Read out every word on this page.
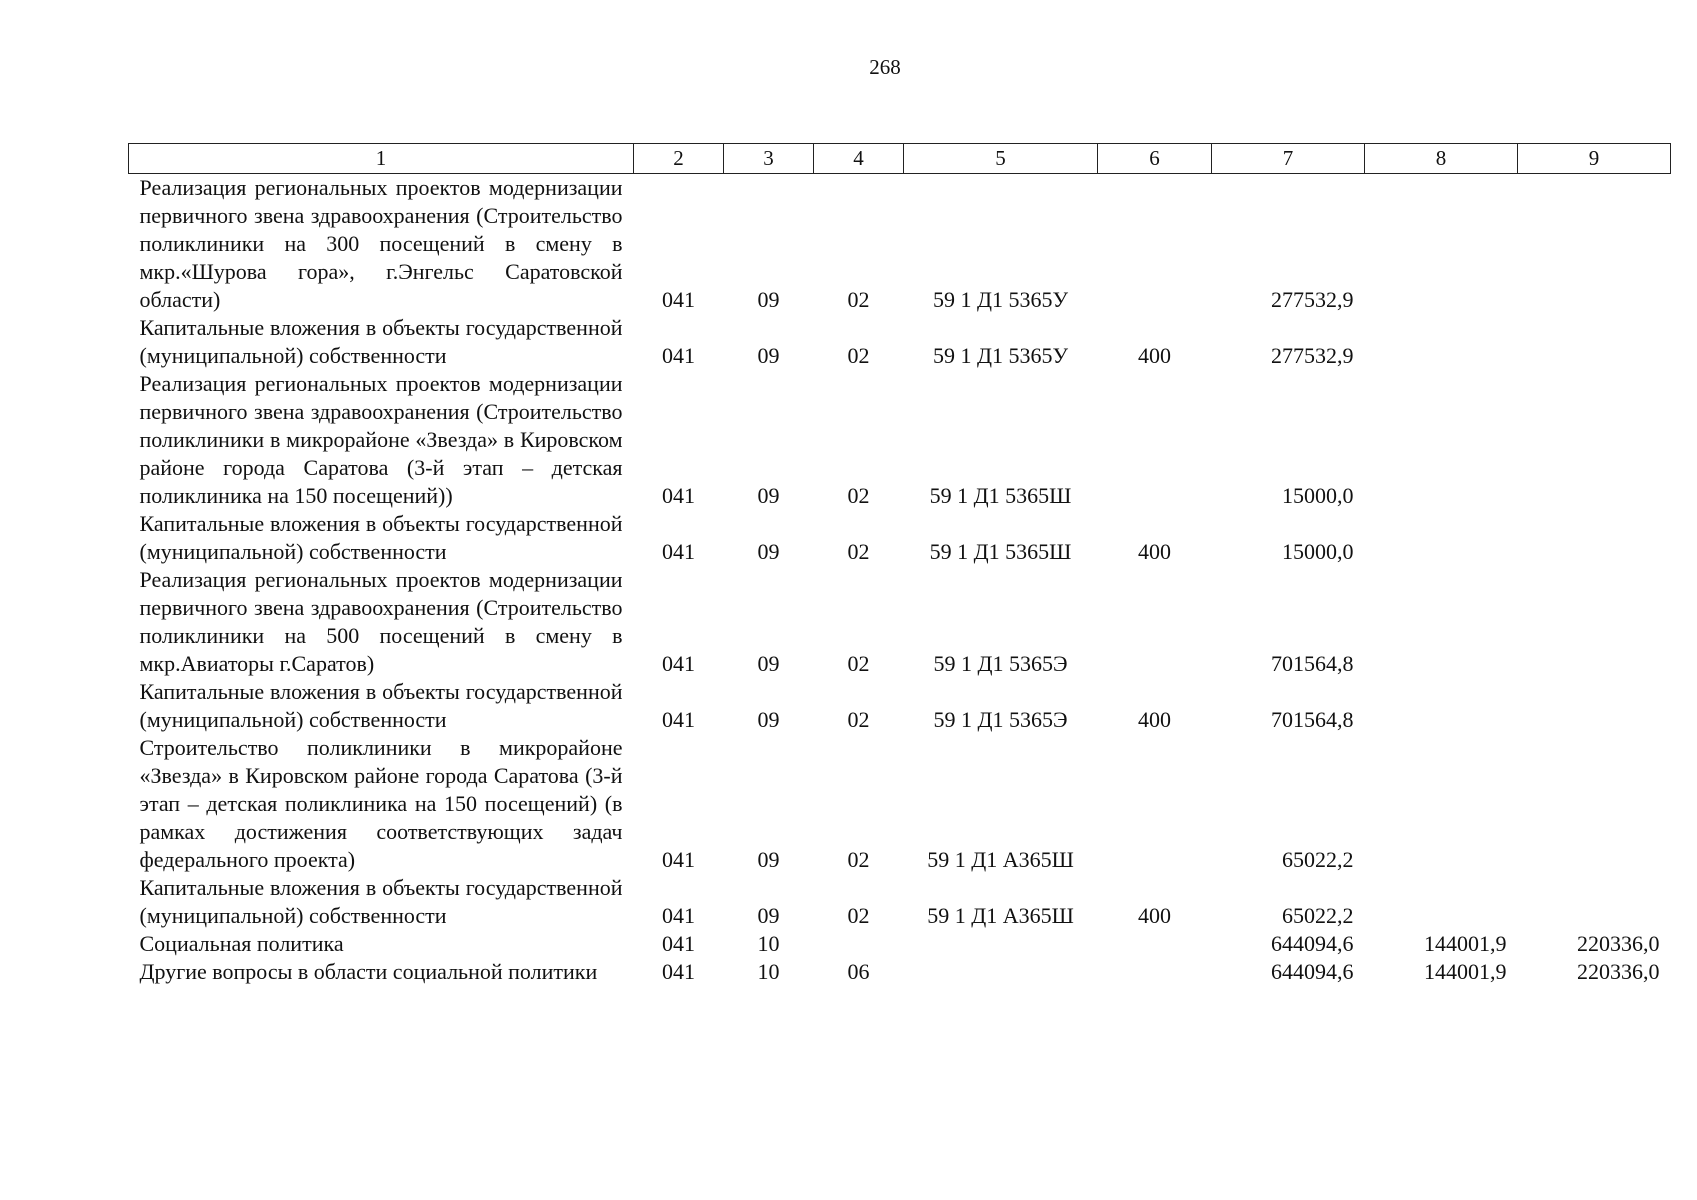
268
1	2	3	4	5	6	7	8	9
Реализация региональных проектов модернизации первичного звена здравоохранения (Строительство поликлиники на 300 посещений в смену в мкр.«Шурова гора», г.Энгельс Саратовской области)	041	09	02	59 1 Д1 5365У		277532,9		
Капитальные вложения в объекты государственной (муниципальной) собственности	041	09	02	59 1 Д1 5365У	400	277532,9		
Реализация региональных проектов модернизации первичного звена здравоохранения (Строительство поликлиники в микрорайоне «Звезда» в Кировском районе города Саратова (3-й этап – детская поликлиника на 150 посещений))	041	09	02	59 1 Д1 5365Ш		15000,0		
Капитальные вложения в объекты государственной (муниципальной) собственности	041	09	02	59 1 Д1 5365Ш	400	15000,0		
Реализация региональных проектов модернизации первичного звена здравоохранения (Строительство поликлиники на 500 посещений в смену в мкр.Авиаторы г.Саратов)	041	09	02	59 1 Д1 5365Э		701564,8		
Капитальные вложения в объекты государственной (муниципальной) собственности	041	09	02	59 1 Д1 5365Э	400	701564,8		
Строительство поликлиники в микрорайоне «Звезда» в Кировском районе города Саратова (3-й этап – детская поликлиника на 150 посещений) (в рамках достижения соответствующих задач федерального проекта)	041	09	02	59 1 Д1 А365Ш		65022,2		
Капитальные вложения в объекты государственной (муниципальной) собственности	041	09	02	59 1 Д1 А365Ш	400	65022,2		
Социальная политика	041	10				644094,6	144001,9	220336,0
Другие вопросы в области социальной политики	041	10	06			644094,6	144001,9	220336,0
